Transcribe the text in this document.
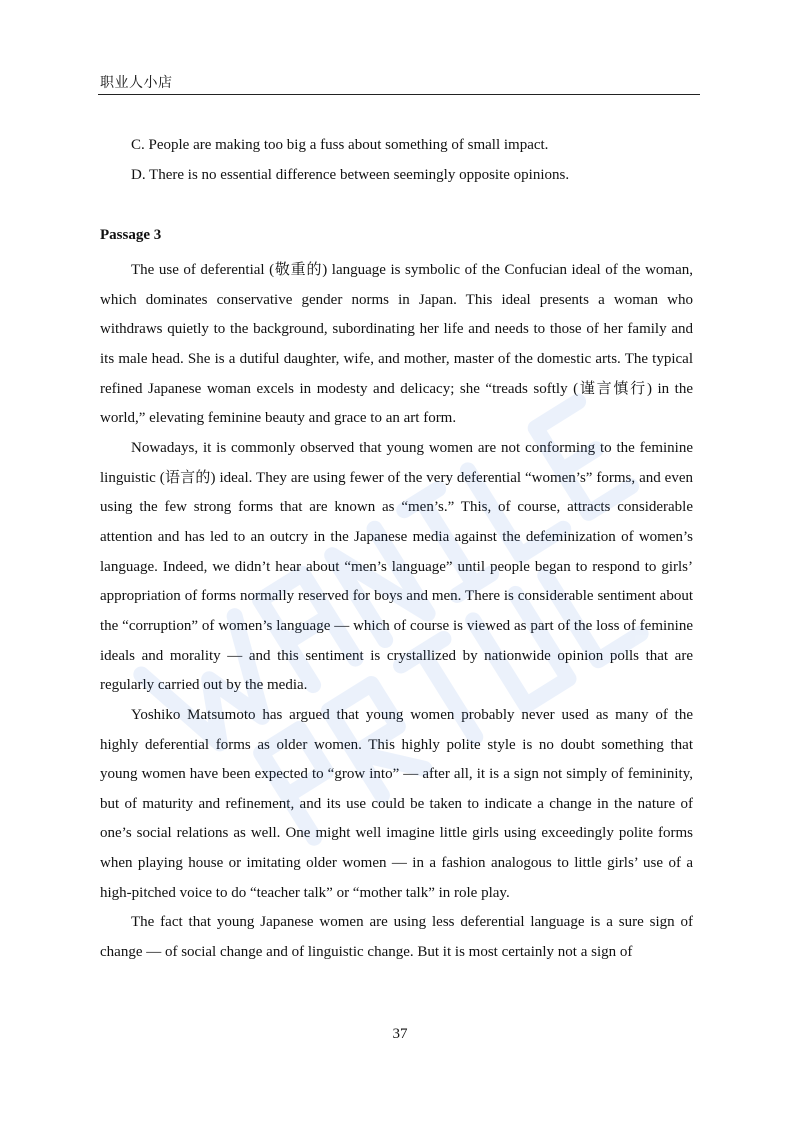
职业人小店
C. People are making too big a fuss about something of small impact.
D. There is no essential difference between seemingly opposite opinions.
Passage 3

The use of deferential (敬重的) language is symbolic of the Confucian ideal of the woman, which dominates conservative gender norms in Japan. This ideal presents a woman who withdraws quietly to the background, subordinating her life and needs to those of her family and its male head. She is a dutiful daughter, wife, and mother, master of the domestic arts. The typical refined Japanese woman excels in modesty and delicacy; she “treads softly (谨言慎行) in the world,” elevating feminine beauty and grace to an art form.

Nowadays, it is commonly observed that young women are not conforming to the feminine linguistic (语言的) ideal. They are using fewer of the very deferential “women’s” forms, and even using the few strong forms that are known as “men’s.” This, of course, attracts considerable attention and has led to an outcry in the Japanese media against the defeminization of women’s language. Indeed, we didn’t hear about “men’s language” until people began to respond to girls’ appropriation of forms normally reserved for boys and men. There is considerable sentiment about the “corruption” of women’s language — which of course is viewed as part of the loss of feminine ideals and morality — and this sentiment is crystallized by nationwide opinion polls that are regularly carried out by the media.

Yoshiko Matsumoto has argued that young women probably never used as many of the highly deferential forms as older women. This highly polite style is no doubt something that young women have been expected to “grow into” — after all, it is a sign not simply of femininity, but of maturity and refinement, and its use could be taken to indicate a change in the nature of one’s social relations as well. One might well imagine little girls using exceedingly polite forms when playing house or imitating older women — in a fashion analogous to little girls’ use of a high-pitched voice to do “teacher talk” or “mother talk” in role play.

The fact that young Japanese women are using less deferential language is a sure sign of change — of social change and of linguistic change. But it is most certainly not a sign of

37
